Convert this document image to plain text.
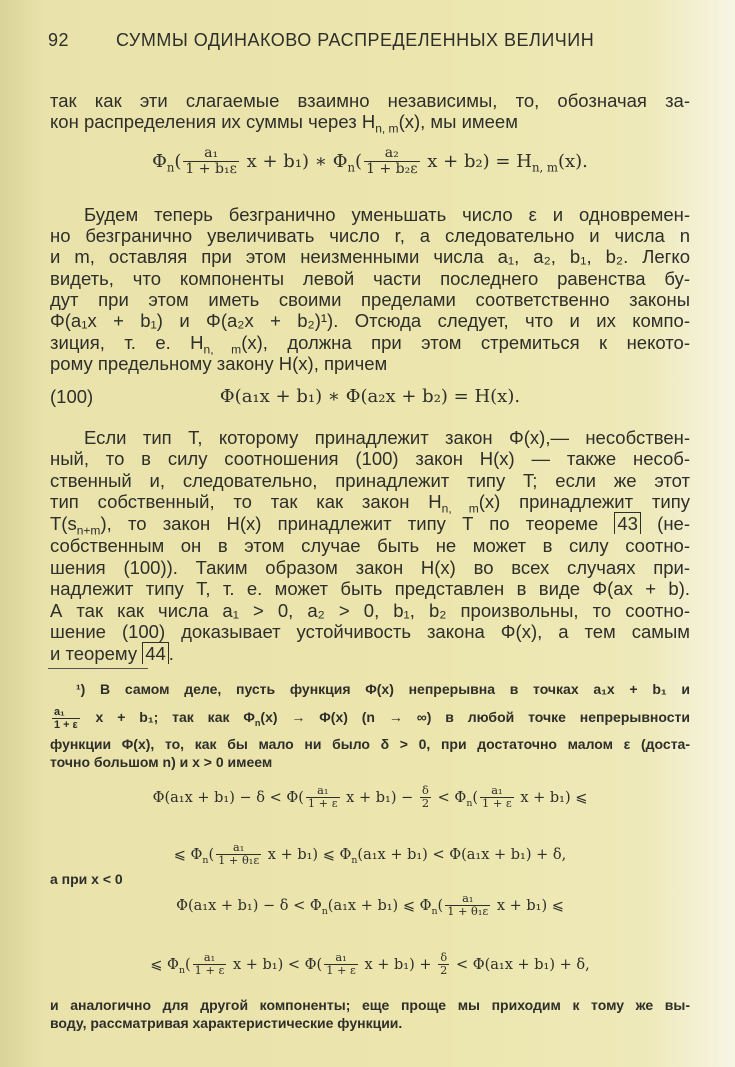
92	СУММЫ ОДИНАКОВО РАСПРЕДЕЛЕННЫХ ВЕЛИЧИН
так как эти слагаемые взаимно независимы, то, обозначая за-
кон распределения их суммы через $H_{n, m}(x)$, мы имеем
$\Phi_n( \frac{\text{a₁}}{\text{1 + b₁ε}}$ x + b₁) ∗ $\Phi_n( \frac{\text{a₂}}{\text{1 + b₂ε}}$ $x + b_2) = H_{n, m}(x)$.
Будем теперь безгранично уменьшать число ε и одновремен-
но безгранично увеличивать число r, а следовательно и числа n
и m, оставляя при этом неизменными числа a₁, a₂, b₁, b₂. Легко
видеть, что компоненты левой части последнего равенства бу-
дут при этом иметь своими пределами соответственно законы
Φ(a₁x + b₁) и Φ(a₂x + b₂)¹). Отсюда следует, что и их компо-
зиция, т. е. $H_{n, m}(x)$, должна при этом стремиться к некото-
рому предельному закону H(x), причем
(100)	Φ(a₁x + b₁) ∗ Φ(a₂x + b₂) = H(x).
Если тип T, которому принадлежит закон Φ(x),— несобствен-
ный, то в силу соотношения (100) закон H(x) — также несоб-
ственный и, следовательно, принадлежит типу T; если же этот
тип собственный, то так как закон $H_{n, m}(x)$ принадлежит типу
$T(s_{n+m})$, то закон H(x) принадлежит типу T по теореме 43 (не-
собственным он в этом случае быть не может в силу соотно-
шения (100)). Таким образом закон H(x) во всех случаях при-
надлежит типу T, т. е. может быть представлен в виде Φ(ax + b).
А так как числа a₁ > 0, a₂ > 0, b₁, b₂ произвольны, то соотно-
шение (100) доказывает устойчивость закона Φ(x), а тем самым
и теорему 44 .
¹) В самом деле, пусть функция Φ(x) непрерывна в точках a₁x + b₁ и
$\frac{\text{a₁}}{1 + \varepsilon}$ x + b₁; так как $\Phi_n(x) \to \Phi(x) (n$ → ∞) в любой точке непрерывности
функции Φ(x), то, как бы мало ни было δ > 0, при достаточно малом ε (доста-
точно большом n) и x > 0 имеем
$\Phi(a_1x + b_1) - \delta < \Phi( \frac{\text{a₁}}{1 + \varepsilon}$ $x + b_1) - \frac{\delta}{2} < \Phi_n( \frac{\text{a₁}}{1 + \varepsilon}$ x + b₁) ⩽
⩽ $\Phi_n( \frac{\text{a₁}}{\text{1 + θ₁ε}}$ x + b₁) ⩽ $\Phi_n(a_1x + b_1) < \Phi(a_1x + b_1) + \delta$,
а при x < 0
$\Phi(a_1x + b_1) - \delta < \Phi_n(a_1x + b_1)$ ⩽ $\Phi_n( \frac{\text{a₁}}{\text{1 + θ₁ε}}$ x + b₁) ⩽
⩽ $\Phi_n( \frac{\text{a₁}}{1 + \varepsilon}$ $x + b_1) < \Phi( \frac{\text{a₁}}{1 + \varepsilon}$ $x + b_1) + \frac{\delta}{2} < \Phi(a_1x + b_1) + \delta$,
и аналогично для другой компоненты; еще проще мы приходим к тому же вы-
воду, рассматривая характеристические функции.
